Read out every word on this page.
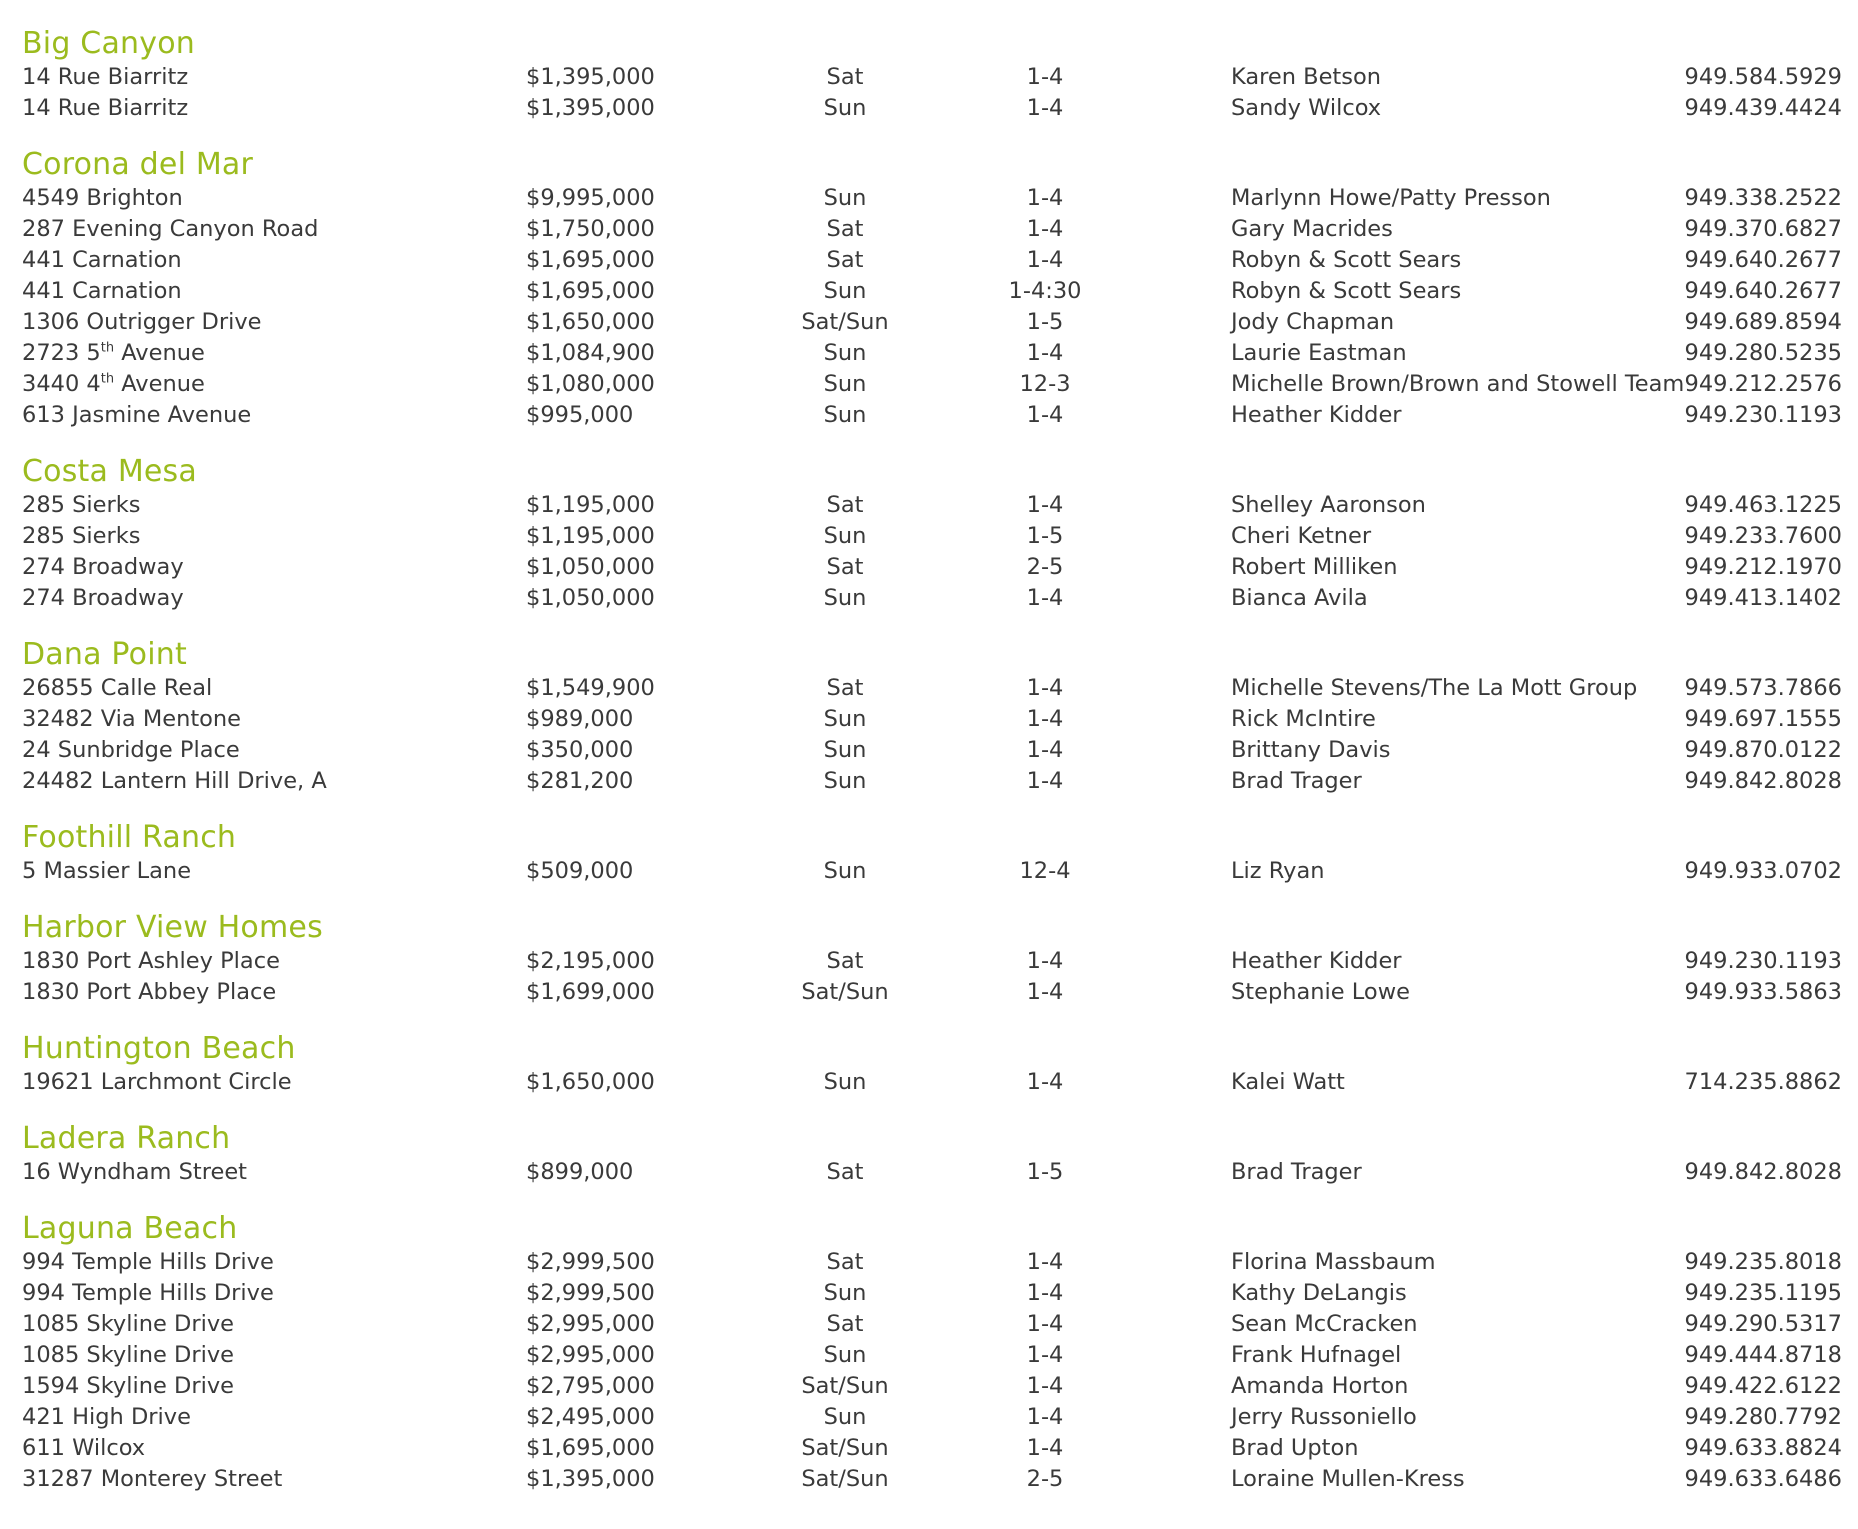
Big Canyon
14 Rue Biarritz	$1,395,000	Sat	1-4	Karen Betson	949.584.5929
14 Rue Biarritz	$1,395,000	Sun	1-4	Sandy Wilcox	949.439.4424
Corona del Mar
4549 Brighton	$9,995,000	Sun	1-4	Marlynn Howe/Patty Presson	949.338.2522
287 Evening Canyon Road	$1,750,000	Sat	1-4	Gary Macrides	949.370.6827
441 Carnation	$1,695,000	Sat	1-4	Robyn & Scott Sears	949.640.2677
441 Carnation	$1,695,000	Sun	1-4:30	Robyn & Scott Sears	949.640.2677
1306 Outrigger Drive	$1,650,000	Sat/Sun	1-5	Jody Chapman	949.689.8594
2723 5th Avenue	$1,084,900	Sun	1-4	Laurie Eastman	949.280.5235
3440 4th Avenue	$1,080,000	Sun	12-3	Michelle Brown/Brown and Stowell Team 949.212.2576
613 Jasmine Avenue	$995,000	Sun	1-4	Heather Kidder	949.230.1193
Costa Mesa
285 Sierks	$1,195,000	Sat	1-4	Shelley Aaronson	949.463.1225
285 Sierks	$1,195,000	Sun	1-5	Cheri Ketner	949.233.7600
274 Broadway	$1,050,000	Sat	2-5	Robert Milliken	949.212.1970
274 Broadway	$1,050,000	Sun	1-4	Bianca Avila	949.413.1402
Dana Point
26855 Calle Real	$1,549,900	Sat	1-4	Michelle Stevens/The La Mott Group 949.573.7866
32482 Via Mentone	$989,000	Sun	1-4	Rick McIntire	949.697.1555
24 Sunbridge Place	$350,000	Sun	1-4	Brittany Davis	949.870.0122
24482 Lantern Hill Drive, A	$281,200	Sun	1-4	Brad Trager	949.842.8028
Foothill Ranch
5 Massier Lane	$509,000	Sun	12-4	Liz Ryan	949.933.0702
Harbor View Homes
1830 Port Ashley Place	$2,195,000	Sat	1-4	Heather Kidder	949.230.1193
1830 Port Abbey Place	$1,699,000	Sat/Sun	1-4	Stephanie Lowe	949.933.5863
Huntington Beach
19621 Larchmont Circle	$1,650,000	Sun	1-4	Kalei Watt	714.235.8862
Ladera Ranch
16 Wyndham Street	$899,000	Sat	1-5	Brad Trager	949.842.8028
Laguna Beach
994 Temple Hills Drive	$2,999,500	Sat	1-4	Florina Massbaum	949.235.8018
994 Temple Hills Drive	$2,999,500	Sun	1-4	Kathy DeLangis	949.235.1195
1085 Skyline Drive	$2,995,000	Sat	1-4	Sean McCracken	949.290.5317
1085 Skyline Drive	$2,995,000	Sun	1-4	Frank Hufnagel	949.444.8718
1594 Skyline Drive	$2,795,000	Sat/Sun	1-4	Amanda Horton	949.422.6122
421 High Drive	$2,495,000	Sun	1-4	Jerry Russoniello	949.280.7792
611 Wilcox	$1,695,000	Sat/Sun	1-4	Brad Upton	949.633.8824
31287 Monterey Street	$1,395,000	Sat/Sun	2-5	Loraine Mullen-Kress	949.633.6486
